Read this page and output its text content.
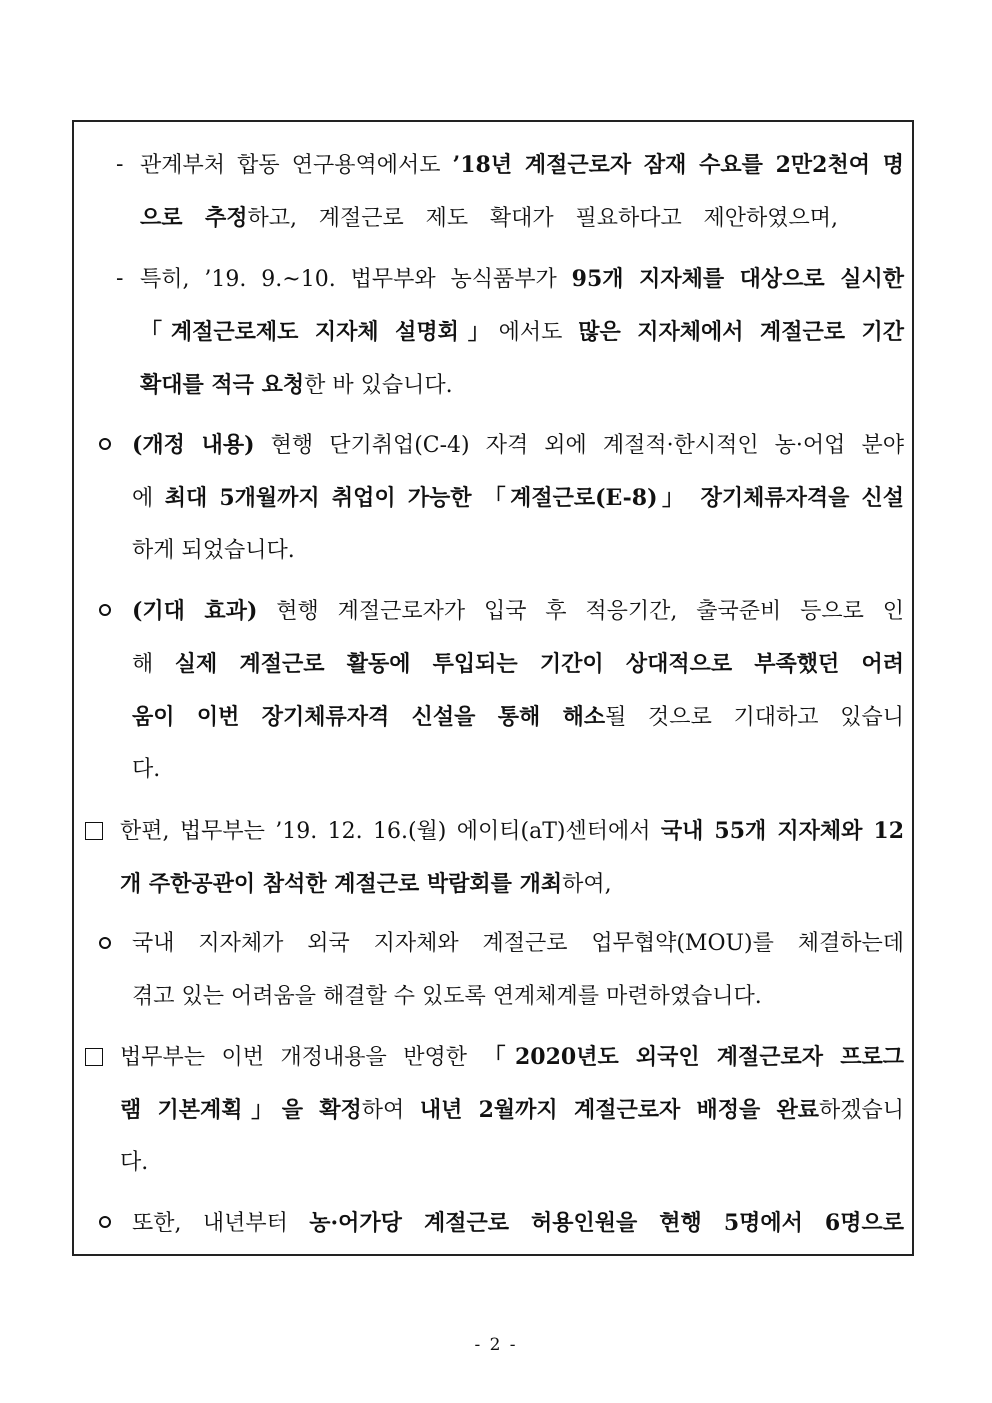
- 관계부처 합동 연구용역에서도 ’18년 계절근로자 잠재 수요를 2만2천여 명
으로 추정하고, 계절근로 제도 확대가 필요하다고 제안하였으며,
- 특히, ’19. 9.~10. 법무부와 농식품부가 95개 지자체를 대상으로 실시한
「계절근로제도 지자체 설명회」에서도 많은 지자체에서 계절근로 기간
확대를 적극 요청한 바 있습니다.
(개정 내용) 현행 단기취업(C-4) 자격 외에 계절적·한시적인 농·어업 분야
에 최대 5개월까지 취업이 가능한 「계절근로(E-8)」 장기체류자격을 신설
하게 되었습니다.
(기대 효과) 현행 계절근로자가 입국 후 적응기간, 출국준비 등으로 인
해 실제 계절근로 활동에 투입되는 기간이 상대적으로 부족했던 어려
움이 이번 장기체류자격 신설을 통해 해소될 것으로 기대하고 있습니
다.
한편, 법무부는 ’19. 12. 16.(월) 에이티(aT)센터에서 국내 55개 지자체와 12
개 주한공관이 참석한 계절근로 박람회를 개최하여,
국내 지자체가 외국 지자체와 계절근로 업무협약(MOU)를 체결하는데
겪고 있는 어려움을 해결할 수 있도록 연계체계를 마련하였습니다.
법무부는 이번 개정내용을 반영한 「2020년도 외국인 계절근로자 프로그
램 기본계획」을 확정하여 내년 2월까지 계절근로자 배정을 완료하겠습니
다.
또한, 내년부터 농·어가당 계절근로 허용인원을 현행 5명에서 6명으로
- 2 -
